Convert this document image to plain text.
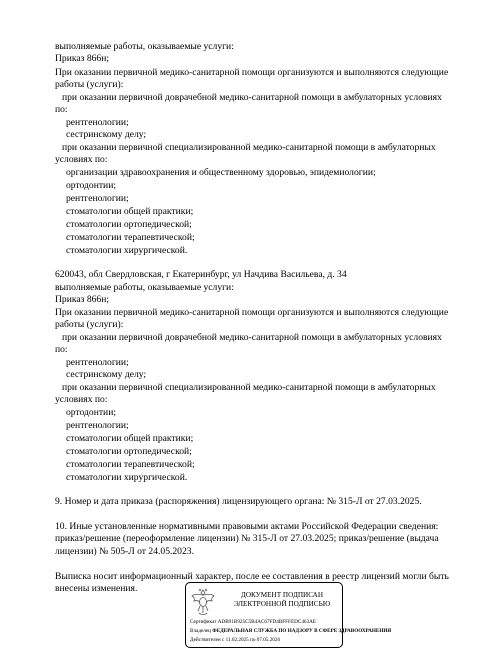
выполняемые работы, оказываемые услуги:
Приказ 866н;
При оказании первичной медико-санитарной помощи организуются и выполняются следующие
работы (услуги):
при оказании первичной доврачебной медико-санитарной помощи в амбулаторных условиях
по:
рентгенологии;
сестринскому делу;
при оказании первичной специализированной медико-санитарной помощи в амбулаторных
условиях по:
организации здравоохранения и общественному здоровью, эпидемиологии;
ортодонтии;
рентгенологии;
стоматологии общей практики;
стоматологии ортопедической;
стоматологии терапевтической;
стоматологии хирургической.
620043, обл Свердловская, г Екатеринбург, ул Начдива Васильева, д. 34
выполняемые работы, оказываемые услуги:
Приказ 866н;
При оказании первичной медико-санитарной помощи организуются и выполняются следующие
работы (услуги):
при оказании первичной доврачебной медико-санитарной помощи в амбулаторных условиях
по:
рентгенологии;
сестринскому делу;
при оказании первичной специализированной медико-санитарной помощи в амбулаторных
условиях по:
ортодонтии;
рентгенологии;
стоматологии общей практики;
стоматологии ортопедической;
стоматологии терапевтической;
стоматологии хирургической.
9. Номер и дата приказа (распоряжения) лицензирующего органа: № 315-Л от 27.03.2025.
10. Иные установленные нормативными правовыми актами Российской Федерации сведения:
приказ/решение (переоформление лицензии) № 315-Л от 27.03.2025; приказ/решение (выдача
лицензии) № 505-Л от 24.05.2023.
Выписка носит информационный характер, после ее составления в реестр лицензий могли быть
внесены изменения.
ДОКУМЕНТ ПОДПИСАН
ЭЛЕКТРОННОЙ ПОДПИСЬЮ
Сертификат ADB91B925C5B4AC67FD4BFFFEDC463AE
Владелец ФЕДЕРАЛЬНАЯ СЛУЖБА ПО НАДЗОРУ В СФЕРЕ ЗДРАВООХРАНЕНИЯ
Действителен с 11.02.2025 по 07.05.2026
